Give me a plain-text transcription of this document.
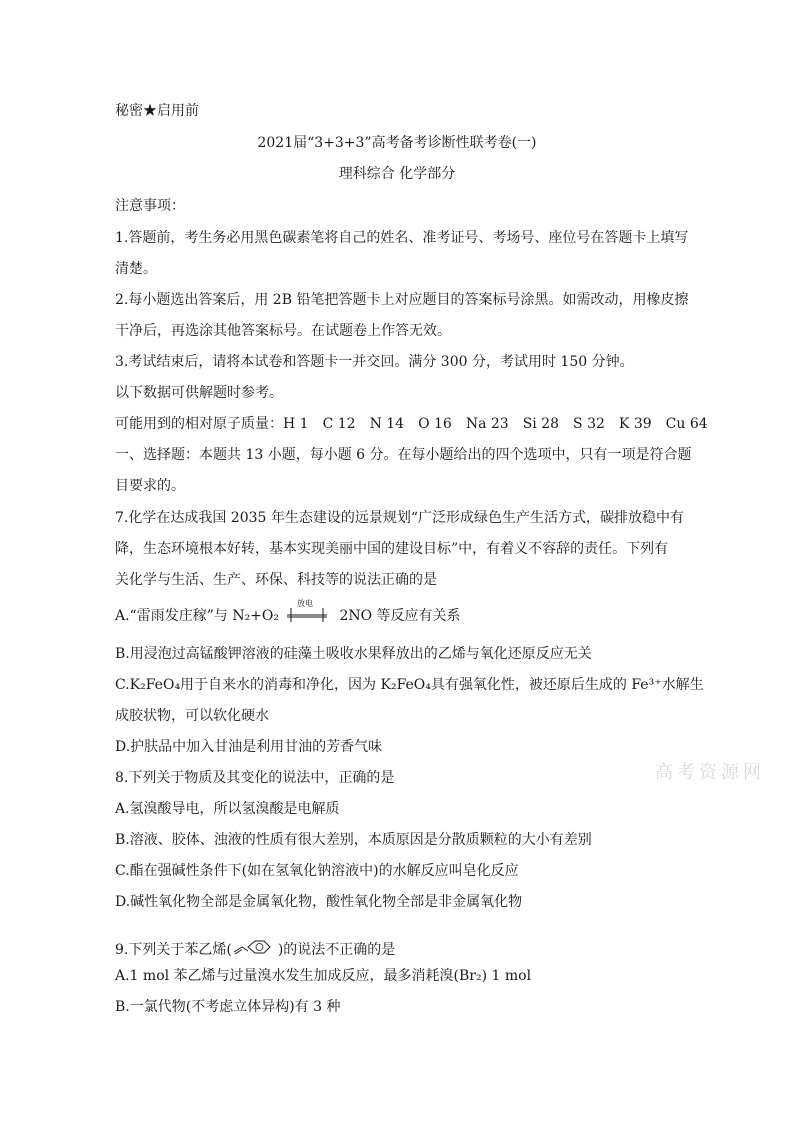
秘密★启用前
2021届“3+3+3”高考备考诊断性联考卷(一)
理科综合 化学部分
注意事项：
1.答题前，考生务必用黑色碳素笔将自己的姓名、准考证号、考场号、座位号在答题卡上填写
清楚。
2.每小题选出答案后，用 2B 铅笔把答题卡上对应题目的答案标号涂黑。如需改动，用橡皮擦
干净后，再选涂其他答案标号。在试题卷上作答无效。
3.考试结束后，请将本试卷和答题卡一并交回。满分 300 分，考试用时 150 分钟。
以下数据可供解题时参考。
可能用到的相对原子质量：H 1 C 12 N 14 O 16 Na 23 Si 28 S 32 K 39 Cu 64
一、选择题：本题共 13 小题，每小题 6 分。在每小题给出的四个选项中，只有一项是符合题
目要求的。
7.化学在达成我国 2035 年生态建设的远景规划“广泛形成绿色生产生活方式，碳排放稳中有
降，生态环境根本好转，基本实现美丽中国的建设目标”中，有着义不容辞的责任。下列有
关化学与生活、生产、环保、科技等的说法正确的是
A.“雷雨发庄稼”与 N₂+O₂
放电
2NO 等反应有关系
B.用浸泡过高锰酸钾溶液的硅藻土吸收水果释放出的乙烯与氧化还原反应无关
C.K₂FeO₄用于自来水的消毒和净化，因为 K₂FeO₄具有强氧化性，被还原后生成的 Fe³⁺水解生
成胶状物，可以软化硬水
D.护肤品中加入甘油是利用甘油的芳香气味
8.下列关于物质及其变化的说法中，正确的是
A.氢溴酸导电，所以氢溴酸是电解质
B.溶液、胶体、浊液的性质有很大差别，本质原因是分散质颗粒的大小有差别
C.酯在强碱性条件下(如在氢氧化钠溶液中)的水解反应叫皂化反应
D.碱性氧化物全部是金属氧化物，酸性氧化物全部是非金属氧化物
9.下列关于苯乙烯(	)的说法不正确的是
A.1 mol 苯乙烯与过量溴水发生加成反应，最多消耗溴(Br₂) 1 mol
B.一氯代物(不考虑立体异构)有 3 种
高考资源网
